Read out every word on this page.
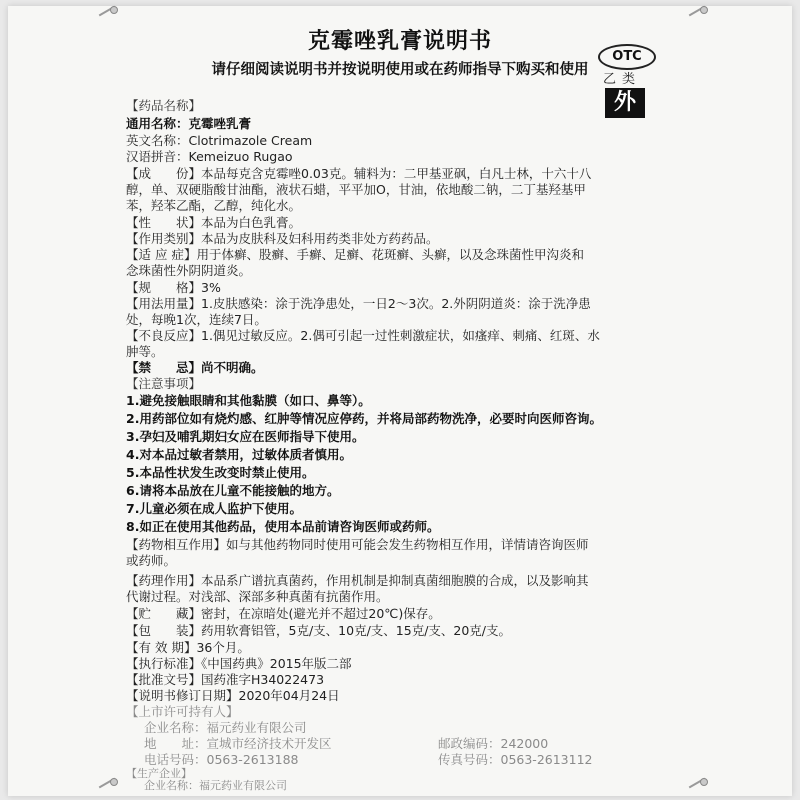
克霉唑乳膏说明书
请仔细阅读说明书并按说明使用或在药师指导下购买和使用
OTC
乙类
外
【药品名称】
通用名称：克霉唑乳膏
英文名称：Clotrimazole Cream
汉语拼音：Kemeizuo Rugao
【成　　份】本品每克含克霉唑0.03克。辅料为：二甲基亚砜，白凡士林，十六十八
醇，单、双硬脂酸甘油酯，液状石蜡，平平加O，甘油，依地酸二钠，二丁基羟基甲
苯，羟苯乙酯，乙醇，纯化水。
【性　　状】本品为白色乳膏。
【作用类别】本品为皮肤科及妇科用药类非处方药药品。
【适 应 症】用于体癣、股癣、手癣、足癣、花斑癣、头癣，以及念珠菌性甲沟炎和
念珠菌性外阴阴道炎。
【规　　格】3%
【用法用量】1.皮肤感染：涂于洗净患处，一日2～3次。2.外阴阴道炎：涂于洗净患
处，每晚1次，连续7日。
【不良反应】1.偶见过敏反应。2.偶可引起一过性刺激症状，如瘙痒、刺痛、红斑、水
肿等。
【禁　　忌】尚不明确。
【注意事项】
1.避免接触眼睛和其他黏膜（如口、鼻等）。
2.用药部位如有烧灼感、红肿等情况应停药，并将局部药物洗净，必要时向医师咨询。
3.孕妇及哺乳期妇女应在医师指导下使用。
4.对本品过敏者禁用，过敏体质者慎用。
5.本品性状发生改变时禁止使用。
6.请将本品放在儿童不能接触的地方。
7.儿童必须在成人监护下使用。
8.如正在使用其他药品，使用本品前请咨询医师或药师。
【药物相互作用】如与其他药物同时使用可能会发生药物相互作用，详情请咨询医师
或药师。
【药理作用】本品系广谱抗真菌药，作用机制是抑制真菌细胞膜的合成，以及影响其
代谢过程。对浅部、深部多种真菌有抗菌作用。
【贮　　藏】密封，在凉暗处(避光并不超过20℃)保存。
【包　　装】药用软膏铝管，5克/支、10克/支、15克/支、20克/支。
【有 效 期】36个月。
【执行标准】《中国药典》2015年版二部
【批准文号】国药准字H34022473
【说明书修订日期】2020年04月24日
【上市许可持有人】
企业名称：福元药业有限公司
地　　址：宣城市经济技术开发区	邮政编码：242000
电话号码：0563-2613188	传真号码：0563-2613112
【生产企业】
企业名称：福元药业有限公司
